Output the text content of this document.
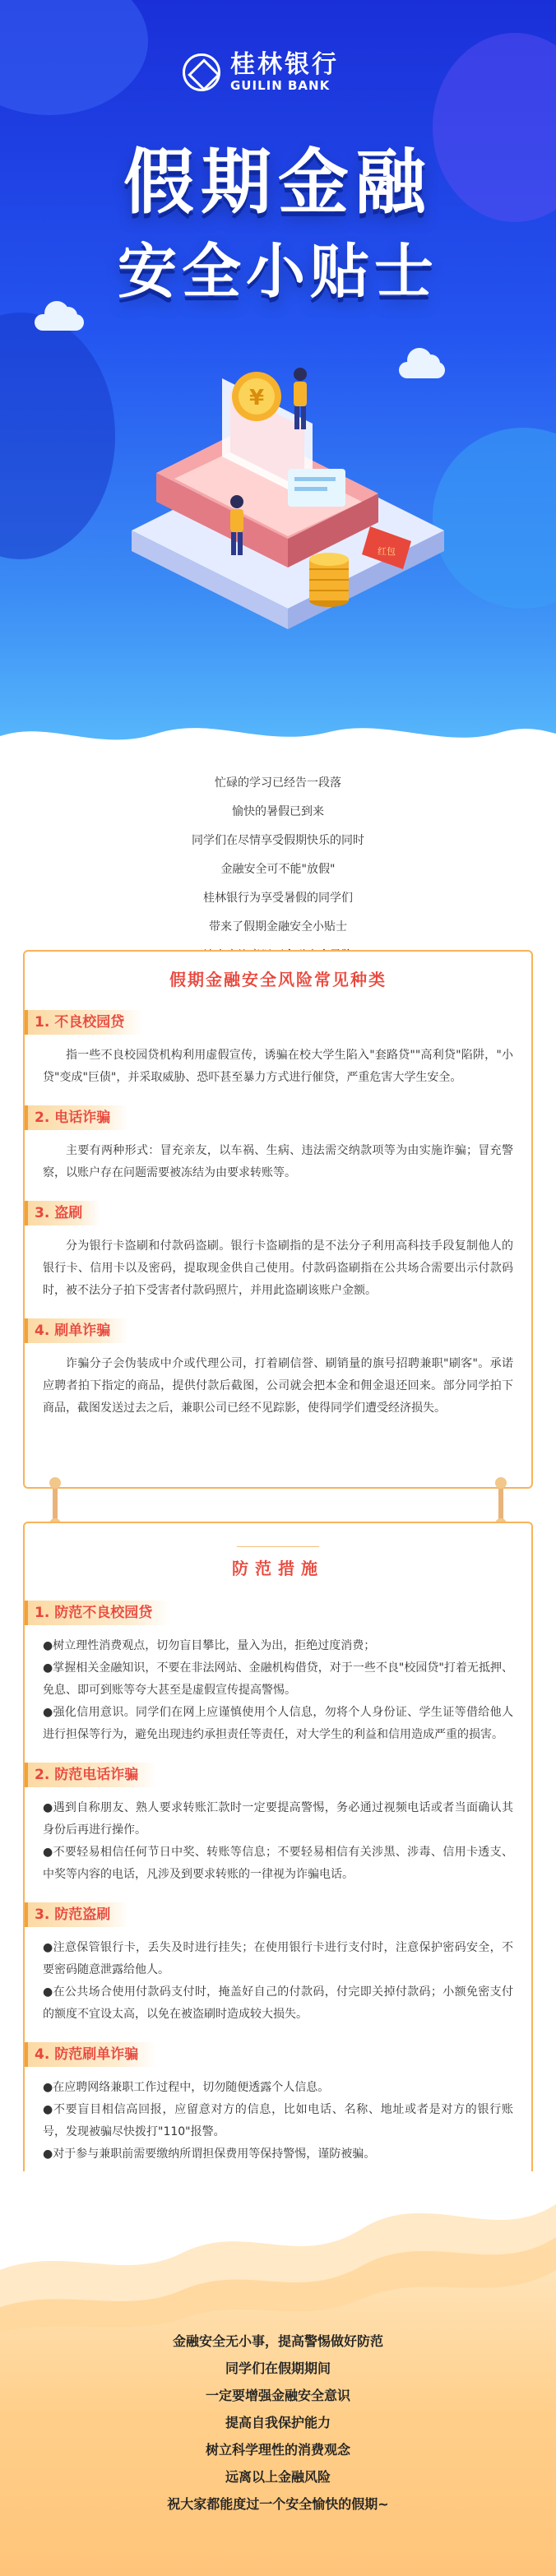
桂林银行
GUILIN BANK
假期金融
安全小贴士
¥
红包

忙碌的学习已经告一段落

愉快的暑假已到来

同学们在尽情享受假期快乐的同时

金融安全可不能"放假"

桂林银行为享受暑假的同学们

带来了假期金融安全小贴士

假期金融安全风险常见种类
1. 不良校园贷

指一些不良校园贷机构利用虚假宣传，诱骗在校大学生陷入"套路贷""高利贷"陷阱，"小贷"变成"巨债"，并采取威胁、恐吓甚至暴力方式进行催贷，严重危害大学生安全。

2. 电话诈骗

主要有两种形式：冒充亲友，以车祸、生病、违法需交纳款项等为由实施诈骗；冒充警察，以账户存在问题需要被冻结为由要求转账等。

3. 盗刷

分为银行卡盗刷和付款码盗刷。银行卡盗刷指的是不法分子利用高科技手段复制他人的银行卡、信用卡以及密码，提取现金供自己使用。付款码盗刷指在公共场合需要出示付款码时，被不法分子拍下受害者付款码照片，并用此盗刷该账户金额。

4. 刷单诈骗

诈骗分子会伪装成中介或代理公司，打着刷信誉、刷销量的旗号招聘兼职"刷客"。承诺应聘者拍下指定的商品，提供付款后截图，公司就会把本金和佣金退还回来。部分同学拍下商品，截图发送过去之后，兼职公司已经不见踪影，使得同学们遭受经济损失。

防范措施
1. 防范不良校园贷
● 树立理性消费观点，切勿盲目攀比，量入为出，拒绝过度消费；
● 掌握相关金融知识，不要在非法网站、金融机构借贷，对于一些不良"校园贷"打着无抵押、免息、即可到账等夸大甚至是虚假宣传提高警惕。
● 强化信用意识。同学们在网上应谨慎使用个人信息，勿将个人身份证、学生证等借给他人进行担保等行为，避免出现违约承担责任等责任，对大学生的利益和信用造成严重的损害。
2. 防范电话诈骗
● 遇到自称朋友、熟人要求转账汇款时一定要提高警惕，务必通过视频电话或者当面确认其身份后再进行操作。
● 不要轻易相信任何节日中奖、转账等信息；不要轻易相信有关涉黑、涉毒、信用卡透支、中奖等内容的电话，凡涉及到要求转账的一律视为诈骗电话。
3. 防范盗刷
● 注意保管银行卡，丢失及时进行挂失；在使用银行卡进行支付时，注意保护密码安全，不要密码随意泄露给他人。
● 在公共场合使用付款码支付时，掩盖好自己的付款码，付完即关掉付款码；小额免密支付的额度不宜设太高，以免在被盗刷时造成较大损失。
4. 防范刷单诈骗
● 在应聘网络兼职工作过程中，切勿随便透露个人信息。
● 不要盲目相信高回报，应留意对方的信息，比如电话、名称、地址或者是对方的银行账号，发现被骗尽快拨打"110"报警。
● 对于参与兼职前需要缴纳所谓担保费用等保持警惕，谨防被骗。

金融安全无小事，提高警惕做好防范

同学们在假期期间

一定要增强金融安全意识

提高自我保护能力

树立科学理性的消费观念

远离以上金融风险

祝大家都能度过一个安全愉快的假期~
